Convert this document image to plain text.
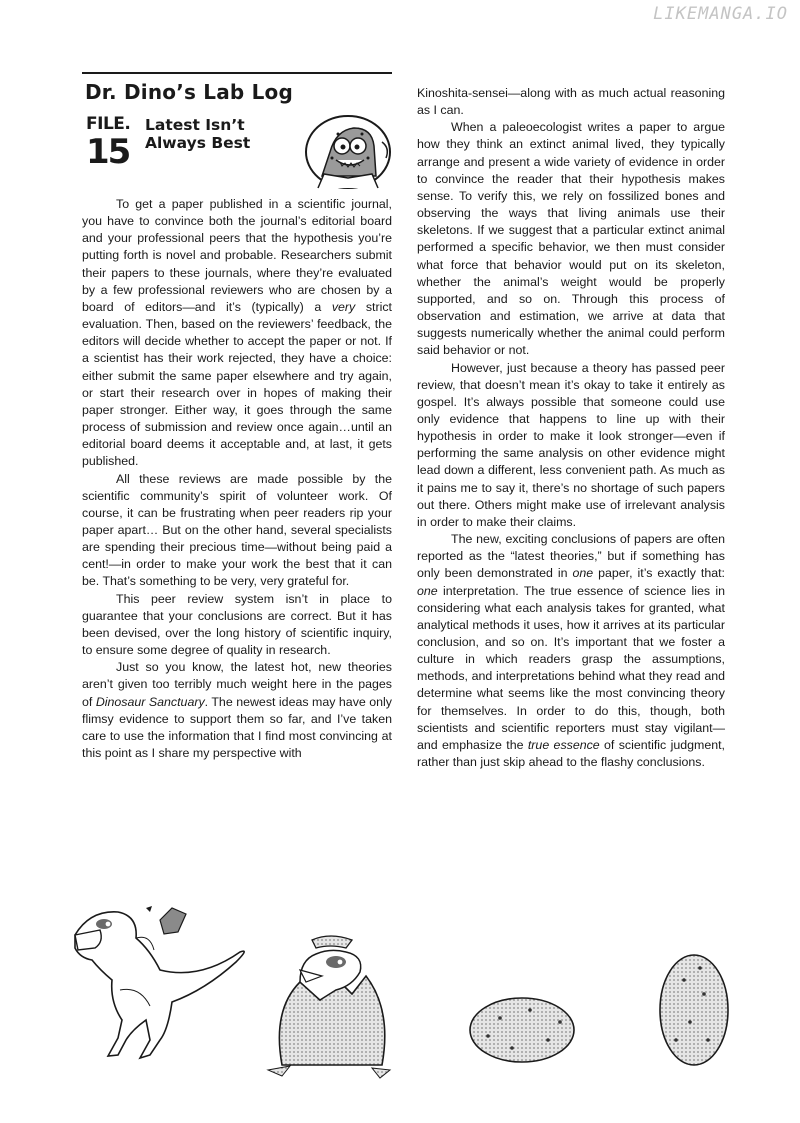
LIKEMANGA.IO
Dr. Dino’s Lab Log
FILE.
15
Latest Isn’t Always Best

To get a paper published in a scientific journal, you have to convince both the journal’s editorial board and your professional peers that the hypothesis you’re putting forth is novel and probable. Researchers submit their papers to these journals, where they’re evaluated by a few professional reviewers who are chosen by a board of editors—and it’s (typically) a very strict evaluation. Then, based on the reviewers’ feedback, the editors will decide whether to accept the paper or not. If a scientist has their work rejected, they have a choice: either submit the same paper elsewhere and try again, or start their research over in hopes of making their paper stronger. Either way, it goes through the same process of submission and review once again…until an editorial board deems it acceptable and, at last, it gets published.

All these reviews are made possible by the scientific community’s spirit of volunteer work. Of course, it can be frustrating when peer readers rip your paper apart… But on the other hand, several specialists are spending their precious time—without being paid a cent!—in order to make your work the best that it can be. That’s something to be very, very grateful for.

This peer review system isn’t in place to guarantee that your conclusions are correct. But it has been devised, over the long history of scientific inquiry, to ensure some degree of quality in research.

Just so you know, the latest hot, new theories aren’t given too terribly much weight here in the pages of Dinosaur Sanctuary. The newest ideas may have only flimsy evidence to support them so far, and I’ve taken care to use the information that I find most convincing at this point as I share my perspective with

Kinoshita-sensei—along with as much actual reasoning as I can.

When a paleoecologist writes a paper to argue how they think an extinct animal lived, they typically arrange and present a wide variety of evidence in order to convince the reader that their hypothesis makes sense. To verify this, we rely on fossilized bones and observing the ways that living animals use their skeletons. If we suggest that a particular extinct animal performed a specific behavior, we then must consider what force that behavior would put on its skeleton, whether the animal’s weight would be properly supported, and so on. Through this process of observation and estimation, we arrive at data that suggests numerically whether the animal could perform said behavior or not.

However, just because a theory has passed peer review, that doesn’t mean it’s okay to take it entirely as gospel. It’s always possible that someone could use only evidence that happens to line up with their hypothesis in order to make it look stronger—even if performing the same analysis on other evidence might lead down a different, less convenient path. As much as it pains me to say it, there’s no shortage of such papers out there. Others might make use of irrelevant analysis in order to make their claims.

The new, exciting conclusions of papers are often reported as the “latest theories,” but if something has only been demonstrated in one paper, it’s exactly that: one interpretation. The true essence of science lies in considering what each analysis takes for granted, what analytical methods it uses, how it arrives at its particular conclusion, and so on. It’s important that we foster a culture in which readers grasp the assumptions, methods, and interpretations behind what they read and determine what seems like the most convincing theory for themselves. In order to do this, though, both scientists and scientific reporters must stay vigilant—and emphasize the true essence of scientific judgment, rather than just skip ahead to the flashy conclusions.
